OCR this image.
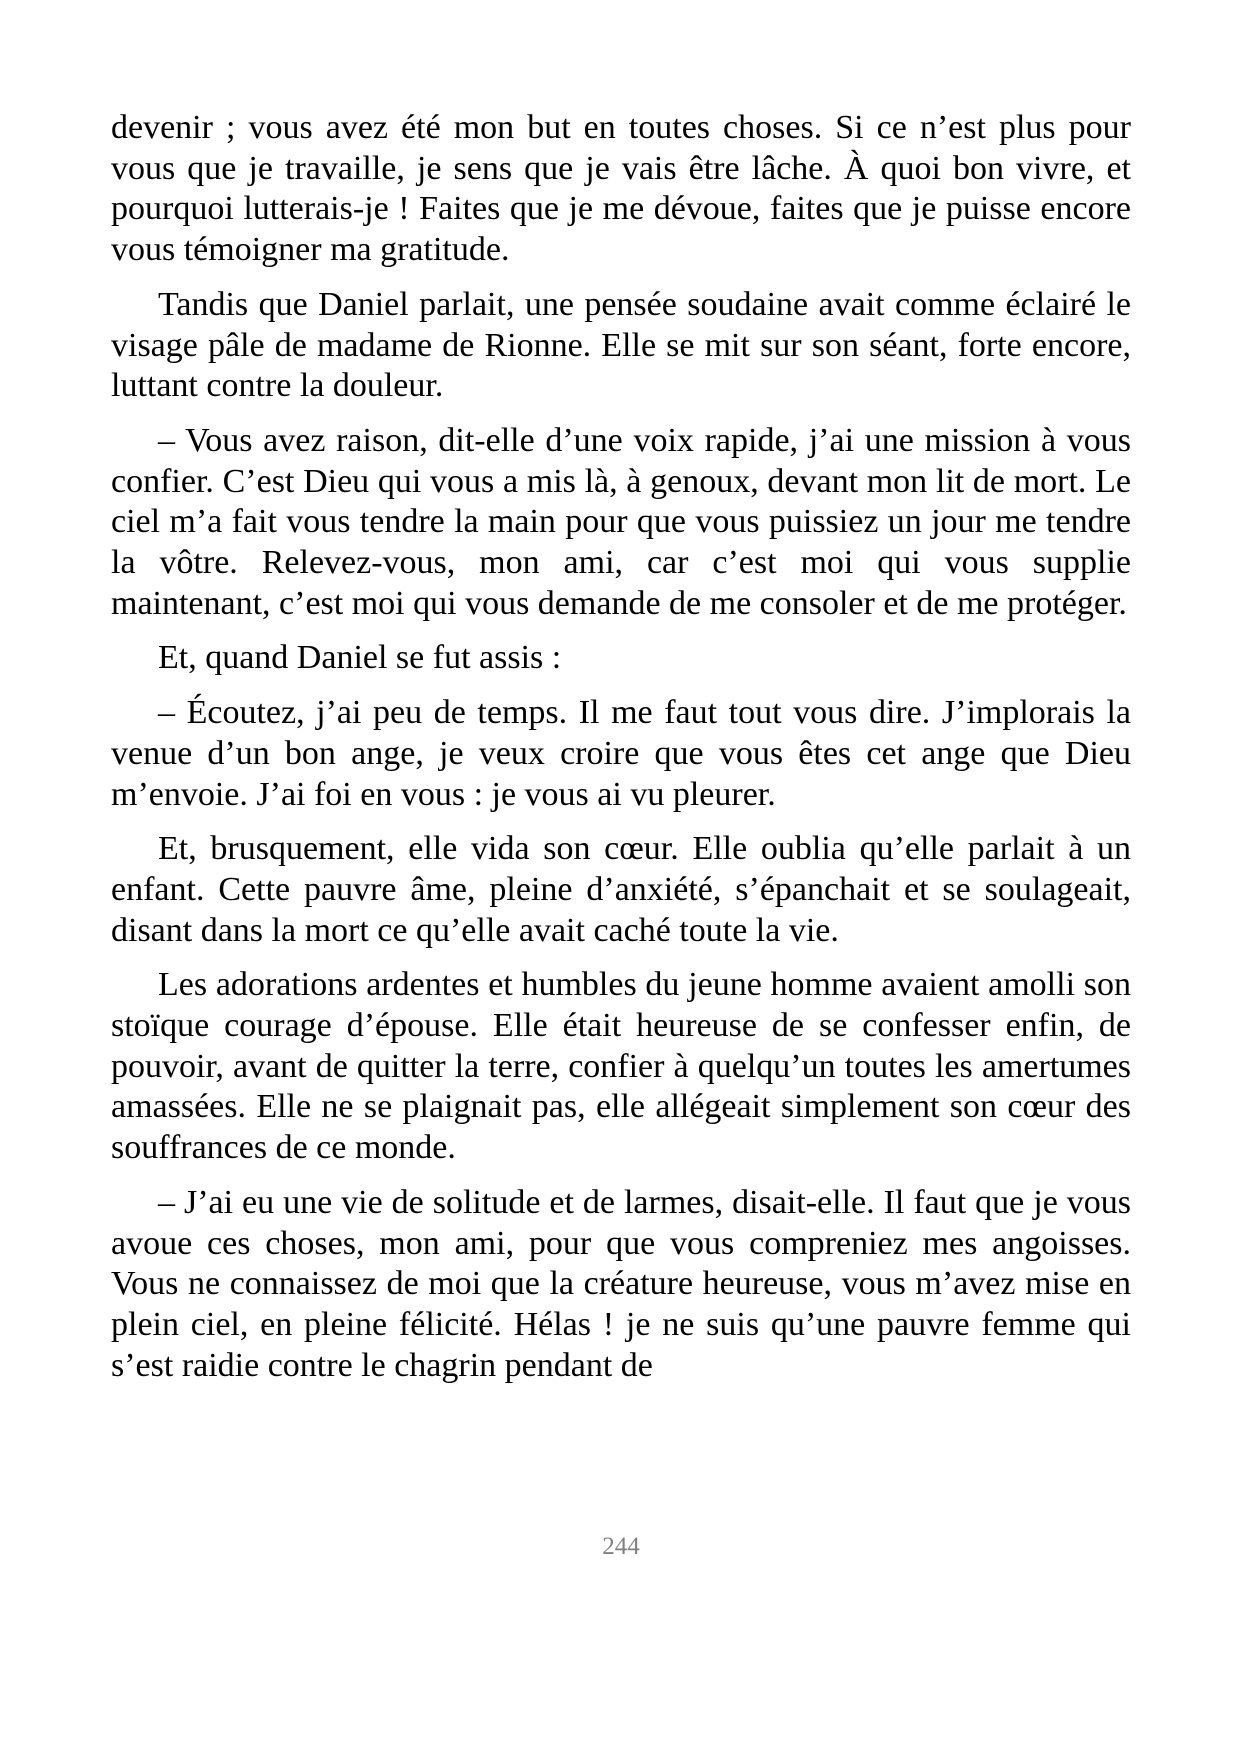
devenir ; vous avez été mon but en toutes choses. Si ce n’est plus pour vous que je travaille, je sens que je vais être lâche. À quoi bon vivre, et pourquoi lutterais-je ! Faites que je me dévoue, faites que je puisse encore vous témoigner ma gratitude.

Tandis que Daniel parlait, une pensée soudaine avait comme éclairé le visage pâle de madame de Rionne. Elle se mit sur son séant, forte encore, luttant contre la douleur.

– Vous avez raison, dit-elle d’une voix rapide, j’ai une mission à vous confier. C’est Dieu qui vous a mis là, à genoux, devant mon lit de mort. Le ciel m’a fait vous tendre la main pour que vous puissiez un jour me tendre la vôtre. Relevez-vous, mon ami, car c’est moi qui vous supplie maintenant, c’est moi qui vous demande de me consoler et de me protéger.

Et, quand Daniel se fut assis :

– Écoutez, j’ai peu de temps. Il me faut tout vous dire. J’implorais la venue d’un bon ange, je veux croire que vous êtes cet ange que Dieu m’envoie. J’ai foi en vous : je vous ai vu pleurer.

Et, brusquement, elle vida son cœur. Elle oublia qu’elle parlait à un enfant. Cette pauvre âme, pleine d’anxiété, s’épanchait et se soulageait, disant dans la mort ce qu’elle avait caché toute la vie.

Les adorations ardentes et humbles du jeune homme avaient amolli son stoïque courage d’épouse. Elle était heureuse de se confesser enfin, de pouvoir, avant de quitter la terre, confier à quelqu’un toutes les amertumes amassées. Elle ne se plaignait pas, elle allégeait simplement son cœur des souffrances de ce monde.

– J’ai eu une vie de solitude et de larmes, disait-elle. Il faut que je vous avoue ces choses, mon ami, pour que vous compreniez mes angoisses. Vous ne connaissez de moi que la créature heureuse, vous m’avez mise en plein ciel, en pleine félicité. Hélas ! je ne suis qu’une pauvre femme qui s’est raidie contre le chagrin pendant de

244
